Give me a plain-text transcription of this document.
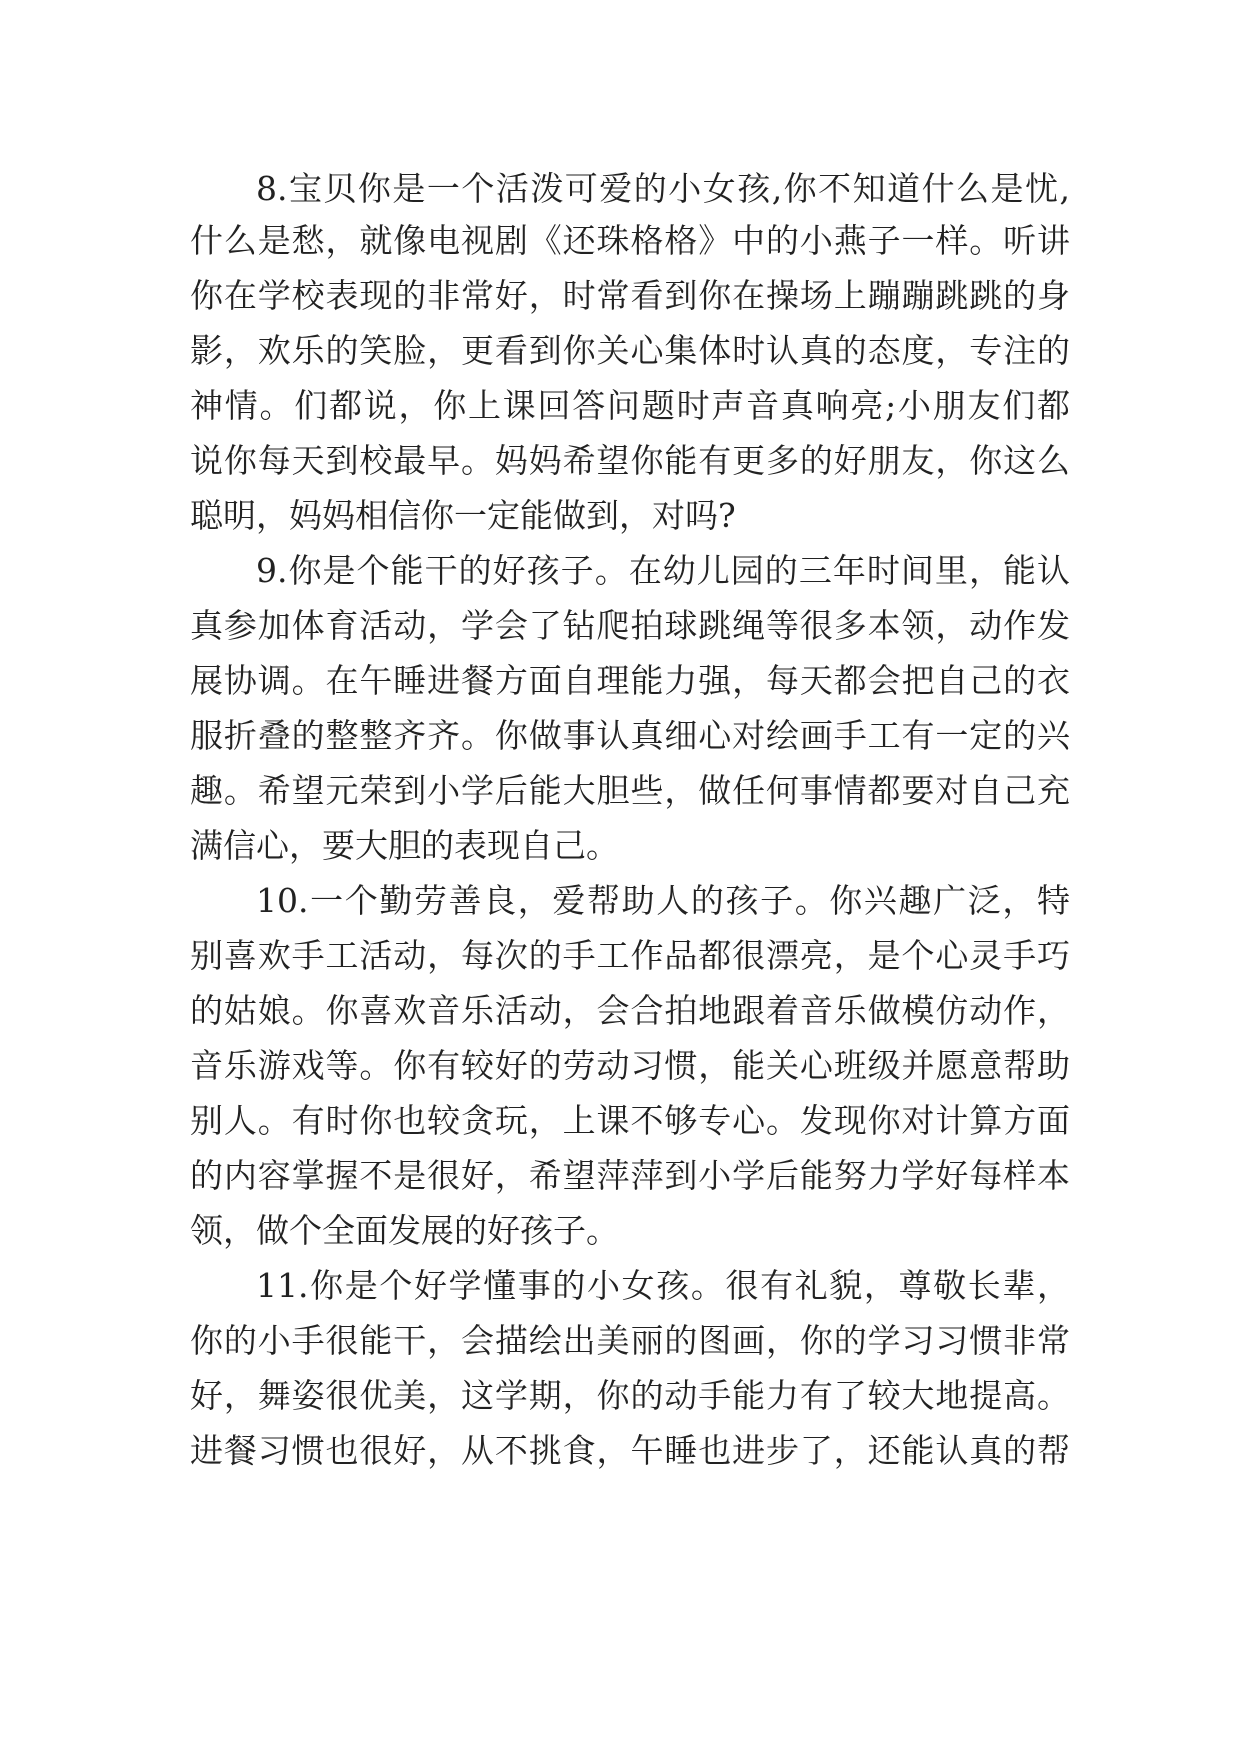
8.宝贝你是一个活泼可爱的小女孩,你不知道什么是忧,
什么是愁，就像电视剧《还珠格格》中的小燕子一样。听讲
你在学校表现的非常好，时常看到你在操场上蹦蹦跳跳的身
影，欢乐的笑脸，更看到你关心集体时认真的态度，专注的
神情。们都说，你上课回答问题时声音真响亮;小朋友们都
说你每天到校最早。妈妈希望你能有更多的好朋友，你这么
聪明，妈妈相信你一定能做到，对吗?
9.你是个能干的好孩子。在幼儿园的三年时间里，能认
真参加体育活动，学会了钻爬拍球跳绳等很多本领，动作发
展协调。在午睡进餐方面自理能力强，每天都会把自己的衣
服折叠的整整齐齐。你做事认真细心对绘画手工有一定的兴
趣。希望元荣到小学后能大胆些，做任何事情都要对自己充
满信心，要大胆的表现自己。
10.一个勤劳善良，爱帮助人的孩子。你兴趣广泛，特
别喜欢手工活动，每次的手工作品都很漂亮，是个心灵手巧
的姑娘。你喜欢音乐活动，会合拍地跟着音乐做模仿动作，
音乐游戏等。你有较好的劳动习惯，能关心班级并愿意帮助
别人。有时你也较贪玩，上课不够专心。发现你对计算方面
的内容掌握不是很好，希望萍萍到小学后能努力学好每样本
领，做个全面发展的好孩子。
11.你是个好学懂事的小女孩。很有礼貌，尊敬长辈，
你的小手很能干，会描绘出美丽的图画，你的学习习惯非常
好，舞姿很优美，这学期，你的动手能力有了较大地提高。
进餐习惯也很好，从不挑食，午睡也进步了，还能认真的帮
